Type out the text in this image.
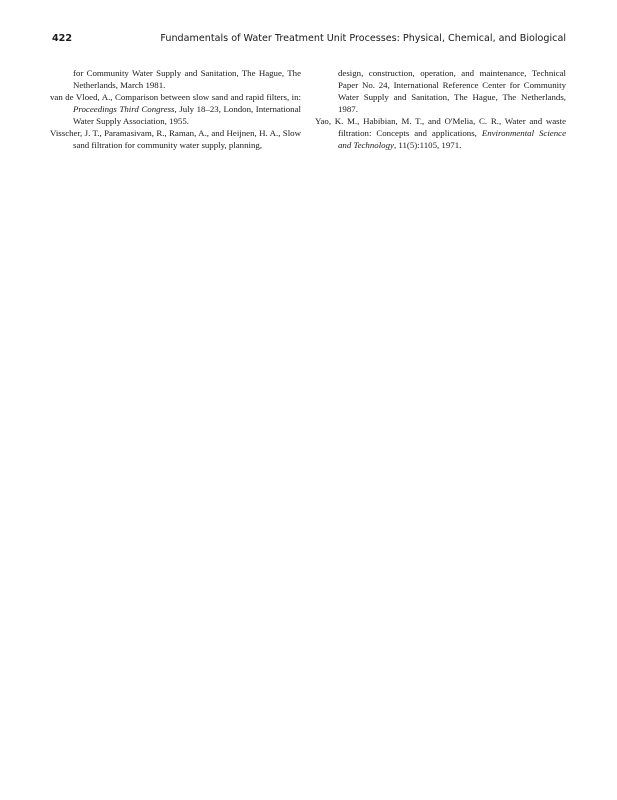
422	Fundamentals of Water Treatment Unit Processes: Physical, Chemical, and Biological

for Community Water Supply and Sanitation, The Hague, The Netherlands, March 1981.

van de Vloed, A., Comparison between slow sand and rapid filters, in: Proceedings Third Congress, July 18–23, London, International Water Supply Association, 1955.

Visscher, J. T., Paramasivam, R., Raman, A., and Heijnen, H. A., Slow sand filtration for community water supply, planning,

design, construction, operation, and maintenance, Technical Paper No. 24, International Reference Center for Community Water Supply and Sanitation, The Hague, The Netherlands, 1987.

Yao, K. M., Habibian, M. T., and O'Melia, C. R., Water and waste filtration: Concepts and applications, Environmental Science and Technology, 11(5):1105, 1971.
